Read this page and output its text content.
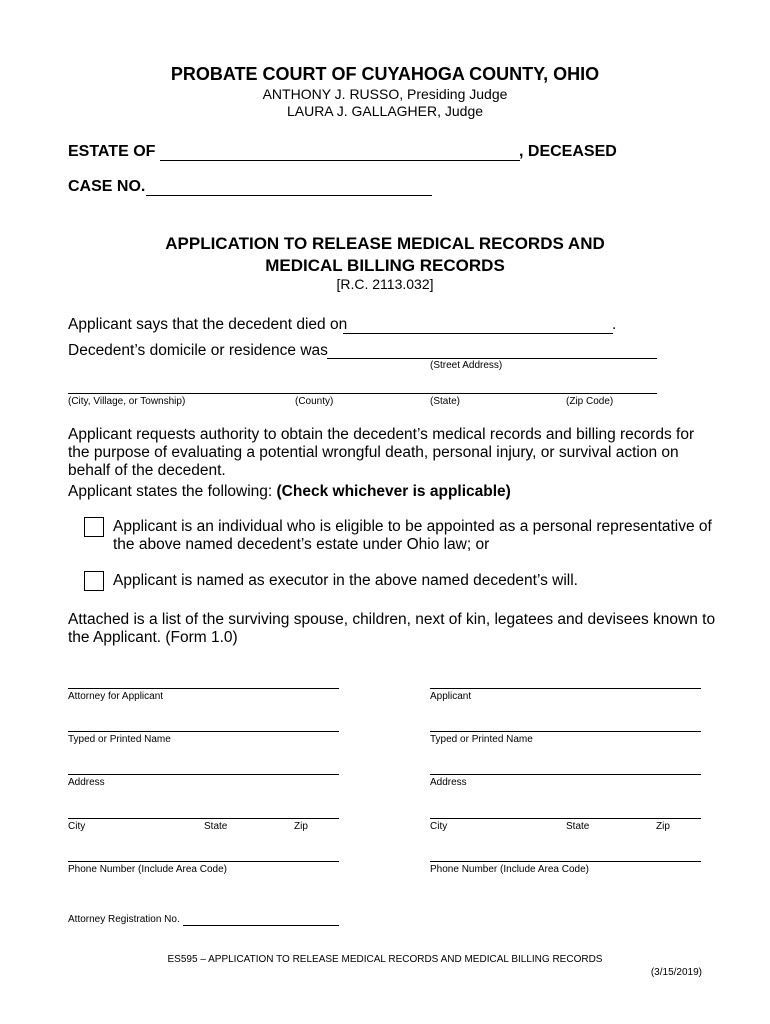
PROBATE COURT OF CUYAHOGA COUNTY, OHIO
ANTHONY J. RUSSO, Presiding Judge
LAURA J. GALLAGHER, Judge
ESTATE OF	, DECEASED
CASE NO.
APPLICATION TO RELEASE MEDICAL RECORDS AND
MEDICAL BILLING RECORDS
[R.C. 2113.032]
Applicant says that the decedent died on	.
Decedent’s domicile or residence was
(Street Address)
(City, Village, or Township)	(County)	(State)	(Zip Code)
Applicant requests authority to obtain the decedent’s medical records and billing records for
the purpose of evaluating a potential wrongful death, personal injury, or survival action on
behalf of the decedent.
Applicant states the following: (Check whichever is applicable)
Applicant is an individual who is eligible to be appointed as a personal representative of
the above named decedent’s estate under Ohio law; or
Applicant is named as executor in the above named decedent’s will.
Attached is a list of the surviving spouse, children, next of kin, legatees and devisees known to
the Applicant. (Form 1.0)
Attorney for Applicant
Typed or Printed Name
Address
City	State	Zip
Phone Number (Include Area Code)
Attorney Registration No.
Applicant
Typed or Printed Name
Address
City	State	Zip
Phone Number (Include Area Code)
ES595 – APPLICATION TO RELEASE MEDICAL RECORDS AND MEDICAL BILLING RECORDS
(3/15/2019)
